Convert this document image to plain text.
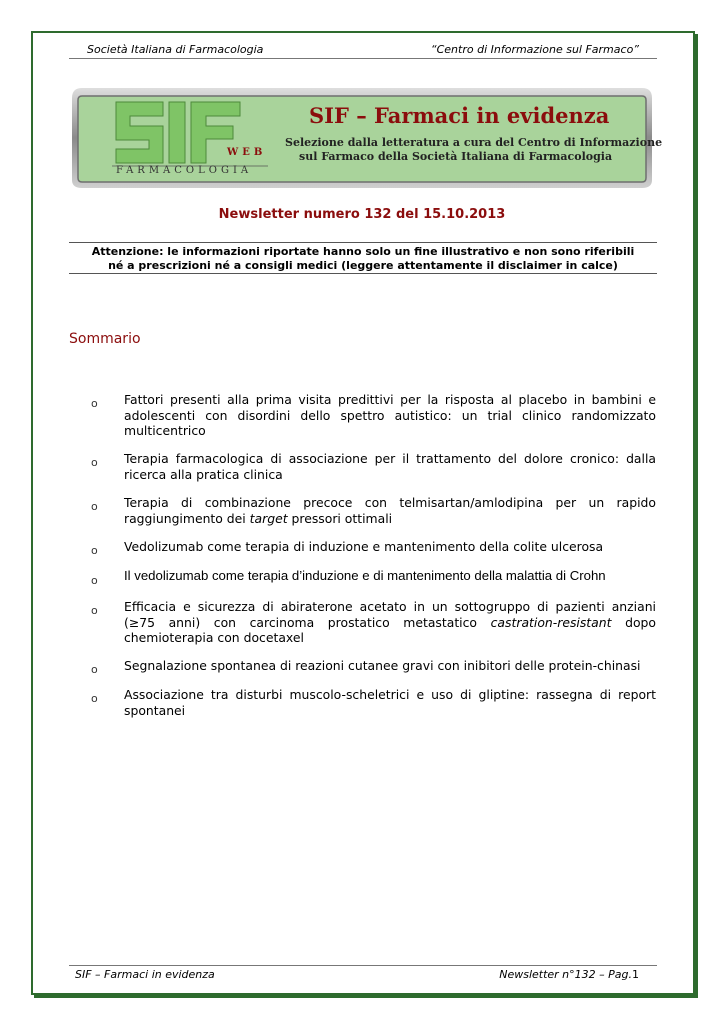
Società Italiana di Farmacologia	“Centro di Informazione sul Farmaco”
WEB
FARMACOLOGIA
SIF – Farmaci in evidenza
Selezione dalla letteratura a cura del Centro di Informazione
sul Farmaco della Società Italiana di Farmacologia
Newsletter numero 132 del 15.10.2013
Attenzione: le informazioni riportate hanno solo un fine illustrativo e non sono riferibili
né a prescrizioni né a consigli medici (leggere attentamente il disclaimer in calce)
Sommario
o Fattori presenti alla prima visita predittivi per la risposta al placebo in bambini e adolescenti con disordini dello spettro autistico: un trial clinico randomizzato multicentrico
o Terapia farmacologica di associazione per il trattamento del dolore cronico: dalla ricerca alla pratica clinica
o Terapia di combinazione precoce con telmisartan/amlodipina per un rapido raggiungimento dei target pressori ottimali
o Vedolizumab come terapia di induzione e mantenimento della colite ulcerosa
o Il vedolizumab come terapia d’induzione e di mantenimento della malattia di Crohn
o Efficacia e sicurezza di abiraterone acetato in un sottogruppo di pazienti anziani (≥75 anni) con carcinoma prostatico metastatico castration-resistant dopo chemioterapia con docetaxel
o Segnalazione spontanea di reazioni cutanee gravi con inibitori delle protein-chinasi
o Associazione tra disturbi muscolo-scheletrici e uso di gliptine: rassegna di report spontanei
SIF – Farmaci in evidenza	Newsletter n°132 – Pag.1
